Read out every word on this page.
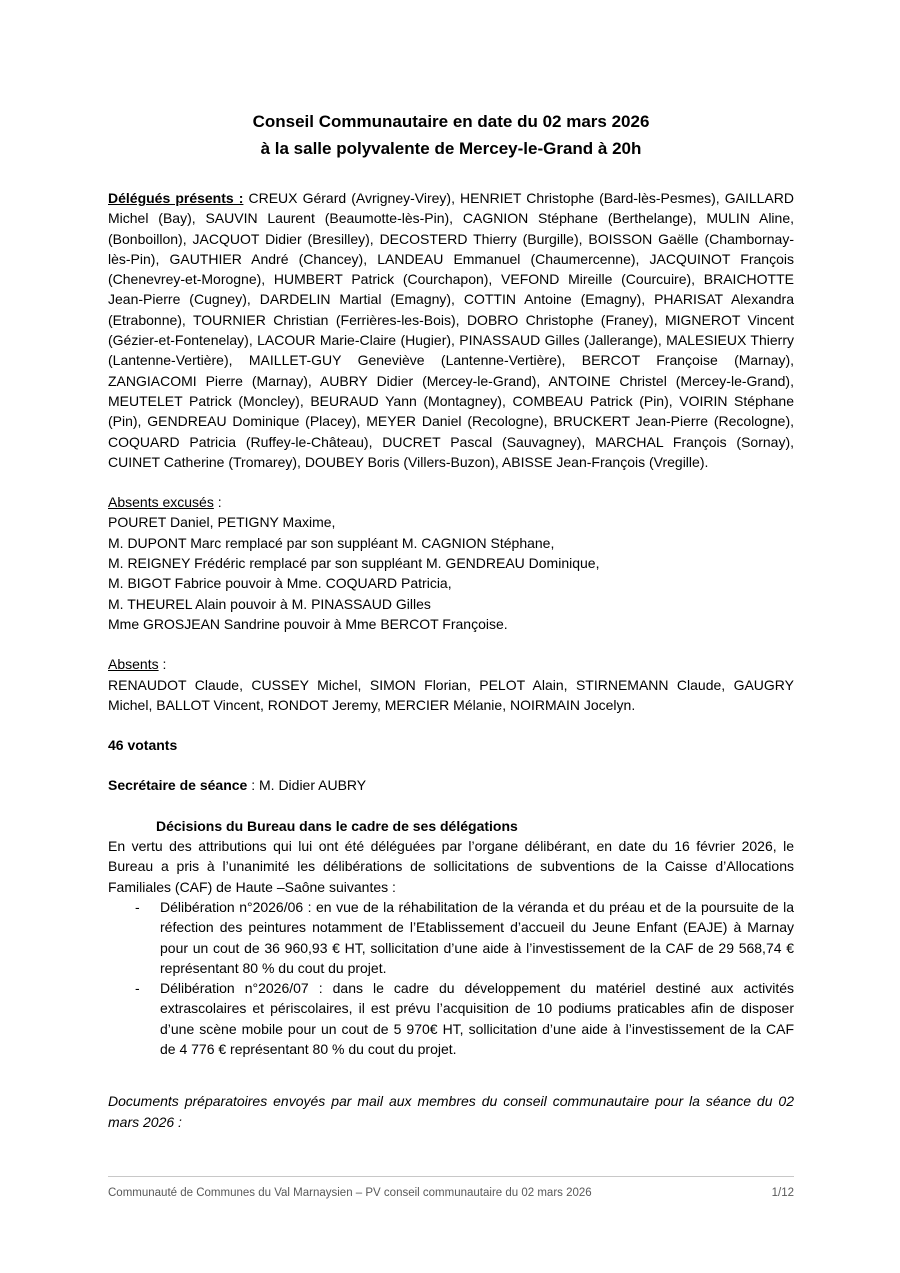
Conseil Communautaire en date du 02 mars 2026
à la salle polyvalente de Mercey-le-Grand à 20h

Délégués présents : CREUX Gérard (Avrigney-Virey), HENRIET Christophe (Bard-lès-Pesmes), GAILLARD Michel (Bay), SAUVIN Laurent (Beaumotte-lès-Pin), CAGNION Stéphane (Berthelange), MULIN Aline, (Bonboillon), JACQUOT Didier (Bresilley), DECOSTERD Thierry (Burgille), BOISSON Gaëlle (Chambornay-lès-Pin), GAUTHIER André (Chancey), LANDEAU Emmanuel (Chaumercenne), JACQUINOT François (Chenevrey-et-Morogne), HUMBERT Patrick (Courchapon), VEFOND Mireille (Courcuire), BRAICHOTTE Jean-Pierre (Cugney), DARDELIN Martial (Emagny), COTTIN Antoine (Emagny), PHARISAT Alexandra (Etrabonne), TOURNIER Christian (Ferrières-les-Bois), DOBRO Christophe (Franey), MIGNEROT Vincent (Gézier-et-Fontenelay), LACOUR Marie-Claire (Hugier), PINASSAUD Gilles (Jallerange), MALESIEUX Thierry (Lantenne-Vertière), MAILLET-GUY Geneviève (Lantenne-Vertière), BERCOT Françoise (Marnay), ZANGIACOMI Pierre (Marnay), AUBRY Didier (Mercey-le-Grand), ANTOINE Christel (Mercey-le-Grand), MEUTELET Patrick (Moncley), BEURAUD Yann (Montagney), COMBEAU Patrick (Pin), VOIRIN Stéphane (Pin), GENDREAU Dominique (Placey), MEYER Daniel (Recologne), BRUCKERT Jean-Pierre (Recologne), COQUARD Patricia (Ruffey-le-Château), DUCRET Pascal (Sauvagney), MARCHAL François (Sornay), CUINET Catherine (Tromarey), DOUBEY Boris (Villers-Buzon), ABISSE Jean-François (Vregille).

Absents excusés :
POURET Daniel, PETIGNY Maxime,
M. DUPONT Marc remplacé par son suppléant M. CAGNION Stéphane,
M. REIGNEY Frédéric remplacé par son suppléant M. GENDREAU Dominique,
M. BIGOT Fabrice pouvoir à Mme. COQUARD Patricia,
M. THEUREL Alain pouvoir à M. PINASSAUD Gilles
Mme GROSJEAN Sandrine pouvoir à Mme BERCOT Françoise.
Absents :
RENAUDOT Claude, CUSSEY Michel, SIMON Florian, PELOT Alain, STIRNEMANN Claude, GAUGRY Michel, BALLOT Vincent, RONDOT Jeremy, MERCIER Mélanie, NOIRMAIN Jocelyn.

46 votants

Secrétaire de séance : M. Didier AUBRY

Décisions du Bureau dans le cadre de ses délégations

En vertu des attributions qui lui ont été déléguées par l’organe délibérant, en date du 16 février 2026, le Bureau a pris à l’unanimité les délibérations de sollicitations de subventions de la Caisse d’Allocations Familiales (CAF) de Haute –Saône suivantes :

-	Délibération n°2026/06 : en vue de la réhabilitation de la véranda et du préau et de la poursuite de la réfection des peintures notamment de l’Etablissement d’accueil du Jeune Enfant (EAJE) à Marnay pour un cout de 36 960,93 € HT, sollicitation d’une aide à l’investissement de la CAF de 29 568,74 € représentant 80 % du cout du projet.
-	Délibération n°2026/07 : dans le cadre du développement du matériel destiné aux activités extrascolaires et périscolaires, il est prévu l’acquisition de 10 podiums praticables afin de disposer d’une scène mobile pour un cout de 5 970€ HT, sollicitation d’une aide à l’investissement de la CAF de 4 776 € représentant 80 % du cout du projet.

Documents préparatoires envoyés par mail aux membres du conseil communautaire pour la séance du 02 mars 2026 :

Communauté de Communes du Val Marnaysien – PV conseil communautaire du 02 mars 2026	1/12
